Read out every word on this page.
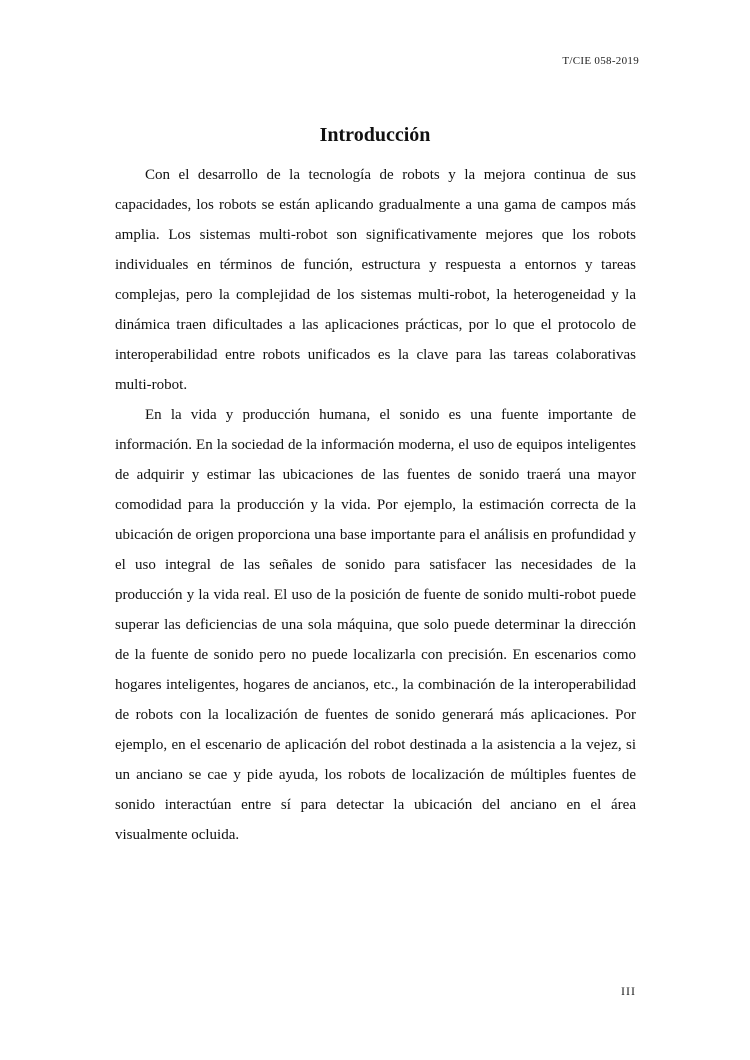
T/CIE 058-2019
Introducción

Con el desarrollo de la tecnología de robots y la mejora continua de sus capacidades, los robots se están aplicando gradualmente a una gama de campos más amplia. Los sistemas multi-robot son significativamente mejores que los robots individuales en términos de función, estructura y respuesta a entornos y tareas complejas, pero la complejidad de los sistemas multi-robot, la heterogeneidad y la dinámica traen dificultades a las aplicaciones prácticas, por lo que el protocolo de interoperabilidad entre robots unificados es la clave para las tareas colaborativas multi-robot.

En la vida y producción humana, el sonido es una fuente importante de información. En la sociedad de la información moderna, el uso de equipos inteligentes de adquirir y estimar las ubicaciones de las fuentes de sonido traerá una mayor comodidad para la producción y la vida. Por ejemplo, la estimación correcta de la ubicación de origen proporciona una base importante para el análisis en profundidad y el uso integral de las señales de sonido para satisfacer las necesidades de la producción y la vida real. El uso de la posición de fuente de sonido multi-robot puede superar las deficiencias de una sola máquina, que solo puede determinar la dirección de la fuente de sonido pero no puede localizarla con precisión. En escenarios como hogares inteligentes, hogares de ancianos, etc., la combinación de la interoperabilidad de robots con la localización de fuentes de sonido generará más aplicaciones. Por ejemplo, en el escenario de aplicación del robot destinada a la asistencia a la vejez, si un anciano se cae y pide ayuda, los robots de localización de múltiples fuentes de sonido interactúan entre sí para detectar la ubicación del anciano en el área visualmente ocluida.

III
